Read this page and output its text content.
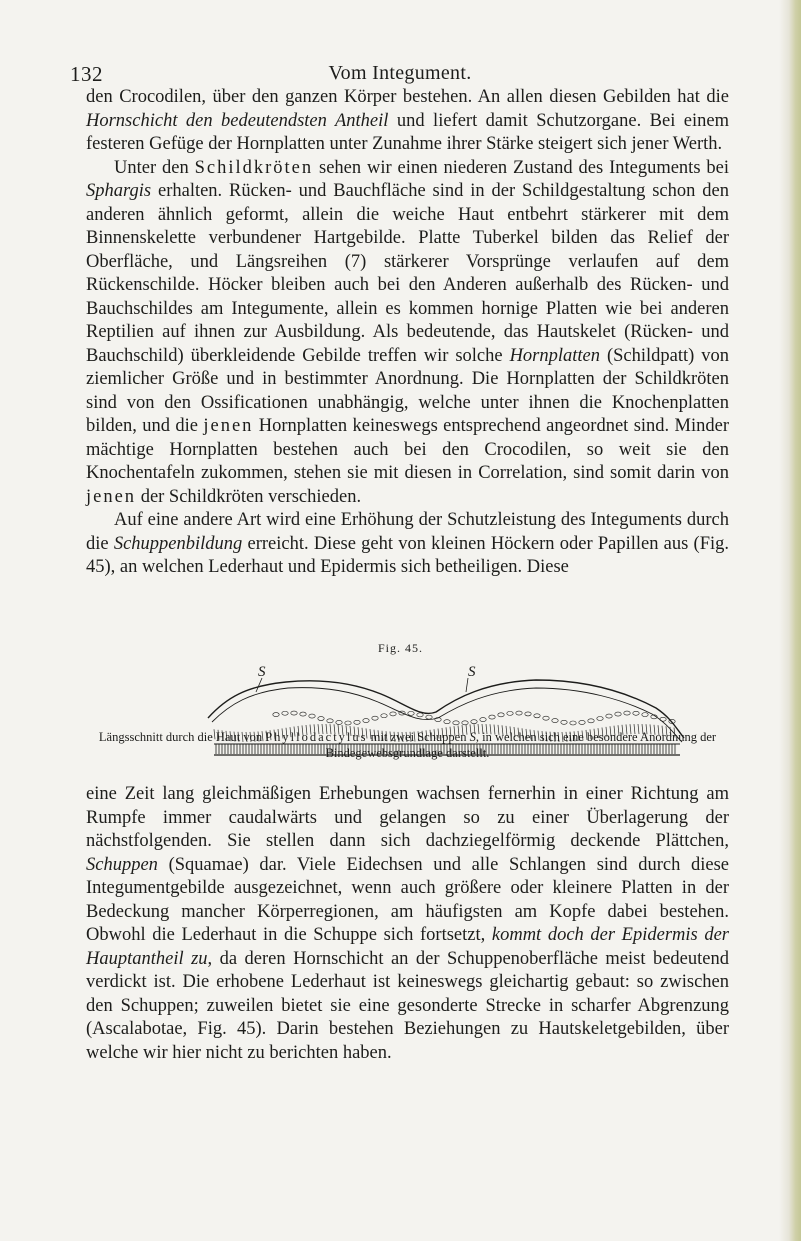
132	Vom Integument.

den Crocodilen, über den ganzen Körper bestehen. An allen diesen Gebilden hat die Hornschicht den bedeutendsten Antheil und liefert damit Schutzorgane. Bei einem festeren Gefüge der Hornplatten unter Zunahme ihrer Stärke steigert sich jener Werth.

Unter den Schildkröten sehen wir einen niederen Zustand des Integuments bei Sphargis erhalten. Rücken- und Bauchfläche sind in der Schildgestaltung schon den anderen ähnlich geformt, allein die weiche Haut entbehrt stärkerer mit dem Binnenskelette verbundener Hartgebilde. Platte Tuberkel bilden das Relief der Oberfläche, und Längsreihen (7) stärkerer Vorsprünge verlaufen auf dem Rückenschilde. Höcker bleiben auch bei den Anderen außerhalb des Rücken- und Bauchschildes am Integumente, allein es kommen hornige Platten wie bei anderen Reptilien auf ihnen zur Ausbildung. Als bedeutende, das Hautskelet (Rücken- und Bauchschild) überkleidende Gebilde treffen wir solche Hornplatten (Schildpatt) von ziemlicher Größe und in bestimmter Anordnung. Die Hornplatten der Schildkröten sind von den Ossificationen unabhängig, welche unter ihnen die Knochenplatten bilden, und die jenen Hornplatten keineswegs entsprechend angeordnet sind. Minder mächtige Hornplatten bestehen auch bei den Crocodilen, so weit sie den Knochentafeln zukommen, stehen sie mit diesen in Correlation, sind somit darin von jenen der Schildkröten verschieden.

Auf eine andere Art wird eine Erhöhung der Schutzleistung des Integuments durch die Schuppenbildung erreicht. Diese geht von kleinen Höckern oder Papillen aus (Fig. 45), an welchen Lederhaut und Epidermis sich betheiligen. Diese

Fig. 45.
S	S
Längsschnitt durch die Haut von Phyllodactylus mit zwei Schuppen S, in welchen sich eine besondere Anordnung der Bindegewebsgrundlage darstellt.

eine Zeit lang gleichmäßigen Erhebungen wachsen fernerhin in einer Richtung am Rumpfe immer caudalwärts und gelangen so zu einer Überlagerung der nächstfolgenden. Sie stellen dann sich dachziegelförmig deckende Plättchen, Schuppen (Squamae) dar. Viele Eidechsen und alle Schlangen sind durch diese Integumentgebilde ausgezeichnet, wenn auch größere oder kleinere Platten in der Bedeckung mancher Körperregionen, am häufigsten am Kopfe dabei bestehen. Obwohl die Lederhaut in die Schuppe sich fortsetzt, kommt doch der Epidermis der Hauptantheil zu, da deren Hornschicht an der Schuppenoberfläche meist bedeutend verdickt ist. Die erhobene Lederhaut ist keineswegs gleichartig gebaut: so zwischen den Schuppen; zuweilen bietet sie eine gesonderte Strecke in scharfer Abgrenzung (Ascalabotae, Fig. 45). Darin bestehen Beziehungen zu Hautskeletgebilden, über welche wir hier nicht zu berichten haben.
